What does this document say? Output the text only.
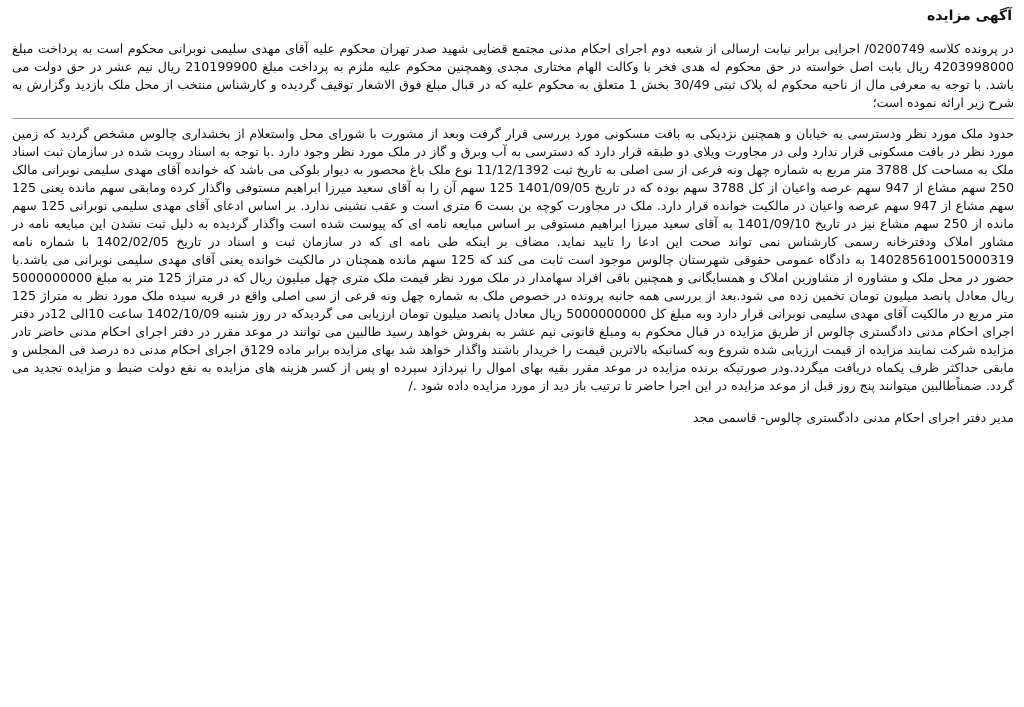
آگهی مزایده

در پرونده کلاسه 0200749/ اجرایی برابر نیابت ارسالی از شعبه دوم اجرای احکام مدنی مجتمع قضایی شهید صدر تهران محکوم علیه آقای مهدی سلیمی نوبرانی محکوم است به پرداخت مبلغ 4203998000 ریال بابت اصل خواسته در حق محکوم له هدی فخر با وکالت الهام مختاری مجدی وهمچنین محکوم علیه ملزم به پرداخت مبلغ 210199900 ریال نیم عشر در حق دولت می باشد. با توجه به معرفی مال از ناحیه محکوم له پلاک ثبتی 30/49 بخش 1 متعلق به محکوم علیه که در قبال مبلغ فوق الاشعار توقیف گردیده و کارشناس منتخب از محل ملک بازدید وگزارش به شرح زیر ارائه نموده است؛

حدود ملک مورد نظر ودسترسی به خیابان و همچنین نزدیکی به بافت مسکونی مورد بررسی قرار گرفت وبعد از مشورت با شورای محل واستعلام از بخشداری چالوس مشخص گردید که زمین مورد نظر در بافت مسکونی قرار ندارد ولی در مجاورت ویلای دو طبقه قرار دارد که دسترسی به آب وبرق و گاز در ملک مورد نظر وجود دارد .با توجه به اسناد رویت شده در سازمان ثبت اسناد ملک به مساحت کل 3788 متر مربع به شماره چهل ونه فرعی از سی اصلی به تاریخ ثبت 11/12/1392 نوع ملک باغ محصور به دیوار بلوکی می باشد که خوانده آقای مهدی سلیمی نوبرانی مالک 250 سهم مشاع از 947 سهم عرصه واعیان از کل 3788 سهم بوده که در تاریخ 1401/09/05 125 سهم آن را به آقای سعید میرزا ابراهیم مستوفی واگذار کرده ومابقی سهم مانده یعنی 125 سهم مشاع از 947 سهم عرصه واعیان در مالکیت خوانده قرار دارد. ملک در مجاورت کوچه بن بست 6 متری است و عقب نشینی ندارد. بر اساس ادعای آقای مهدی سلیمی نوبرانی 125 سهم مانده از 250 سهم مشاع نیز در تاریخ 1401/09/10 به آقای سعید میرزا ابراهیم مستوفی بر اساس مبایعه نامه ای که پیوست شده است واگذار گردیده به دلیل ثبت نشدن این مبایعه نامه در مشاور املاک ودفترخانه رسمی کارشناس نمی تواند صحت این ادعا را تایید نماید. مضاف بر اینکه طی نامه ای که در سازمان ثبت و اسناد در تاریخ 1402/02/05 با شماره نامه 140285610015000319 به دادگاه عمومی حقوقی شهرستان چالوس موجود است ثابت می کند که 125 سهم مانده همچنان در مالکیت خوانده یعنی آقای مهدی سلیمی نوبرانی می باشد.با حضور در محل ملک و مشاوره از مشاورین املاک و همسایگانی و همچنین باقی افراد سهامدار در ملک مورد نظر قیمت ملک متری چهل میلیون ریال که در متراژ 125 متر به مبلغ 5000000000 ریال معادل پانصد میلیون تومان تخمین زده می شود.بعد از بررسی همه جانبه پرونده در خصوص ملک به شماره چهل ونه فرعی از سی اصلی واقع در قریه سیده ملک مورد نظر به متراژ 125 متر مربع در مالکیت آقای مهدی سلیمی نوبرانی قرار دارد وبه مبلغ کل 5000000000 ریال معادل پانصد میلیون تومان ارزیابی می گردیدکه در روز شنبه 1402/10/09 ساعت 10الی 12در دفتر اجرای احکام مدنی دادگستری چالوس از طریق مزایده در قبال محکوم به ومبلغ قانونی نیم عشر به بفروش خواهد رسید طالبین می توانند در موعد مقرر در دفتر اجرای احکام مدنی حاضر تادر مزایده شرکت نمایند مزایده از قیمت ارزیابی شده شروع وبه کسانیکه بالاترین قیمت را خریدار باشند واگذار خواهد شد بهای مزایده برابر ماده 129ق اجرای احکام مدنی ده درصد فی المجلس و مابقی حداکثر ظرف یکماه دریافت میگردد.ودر صورتیکه برنده مزایده در موعد مقرر بقیه بهای اموال را نپردازد سپرده او پس از کسر هزینه های مزایده به نفع دولت ضبط و مزایده تجدید می گردد. ضمناًطالبین میتوانند پنج روز قبل از موعد مزایده در این اجرا حاضر تا ترتیب باز دید از مورد مزایده داده شود ./

مدیر دفتر اجرای احکام مدنی دادگستری چالوس- قاسمی مجد
